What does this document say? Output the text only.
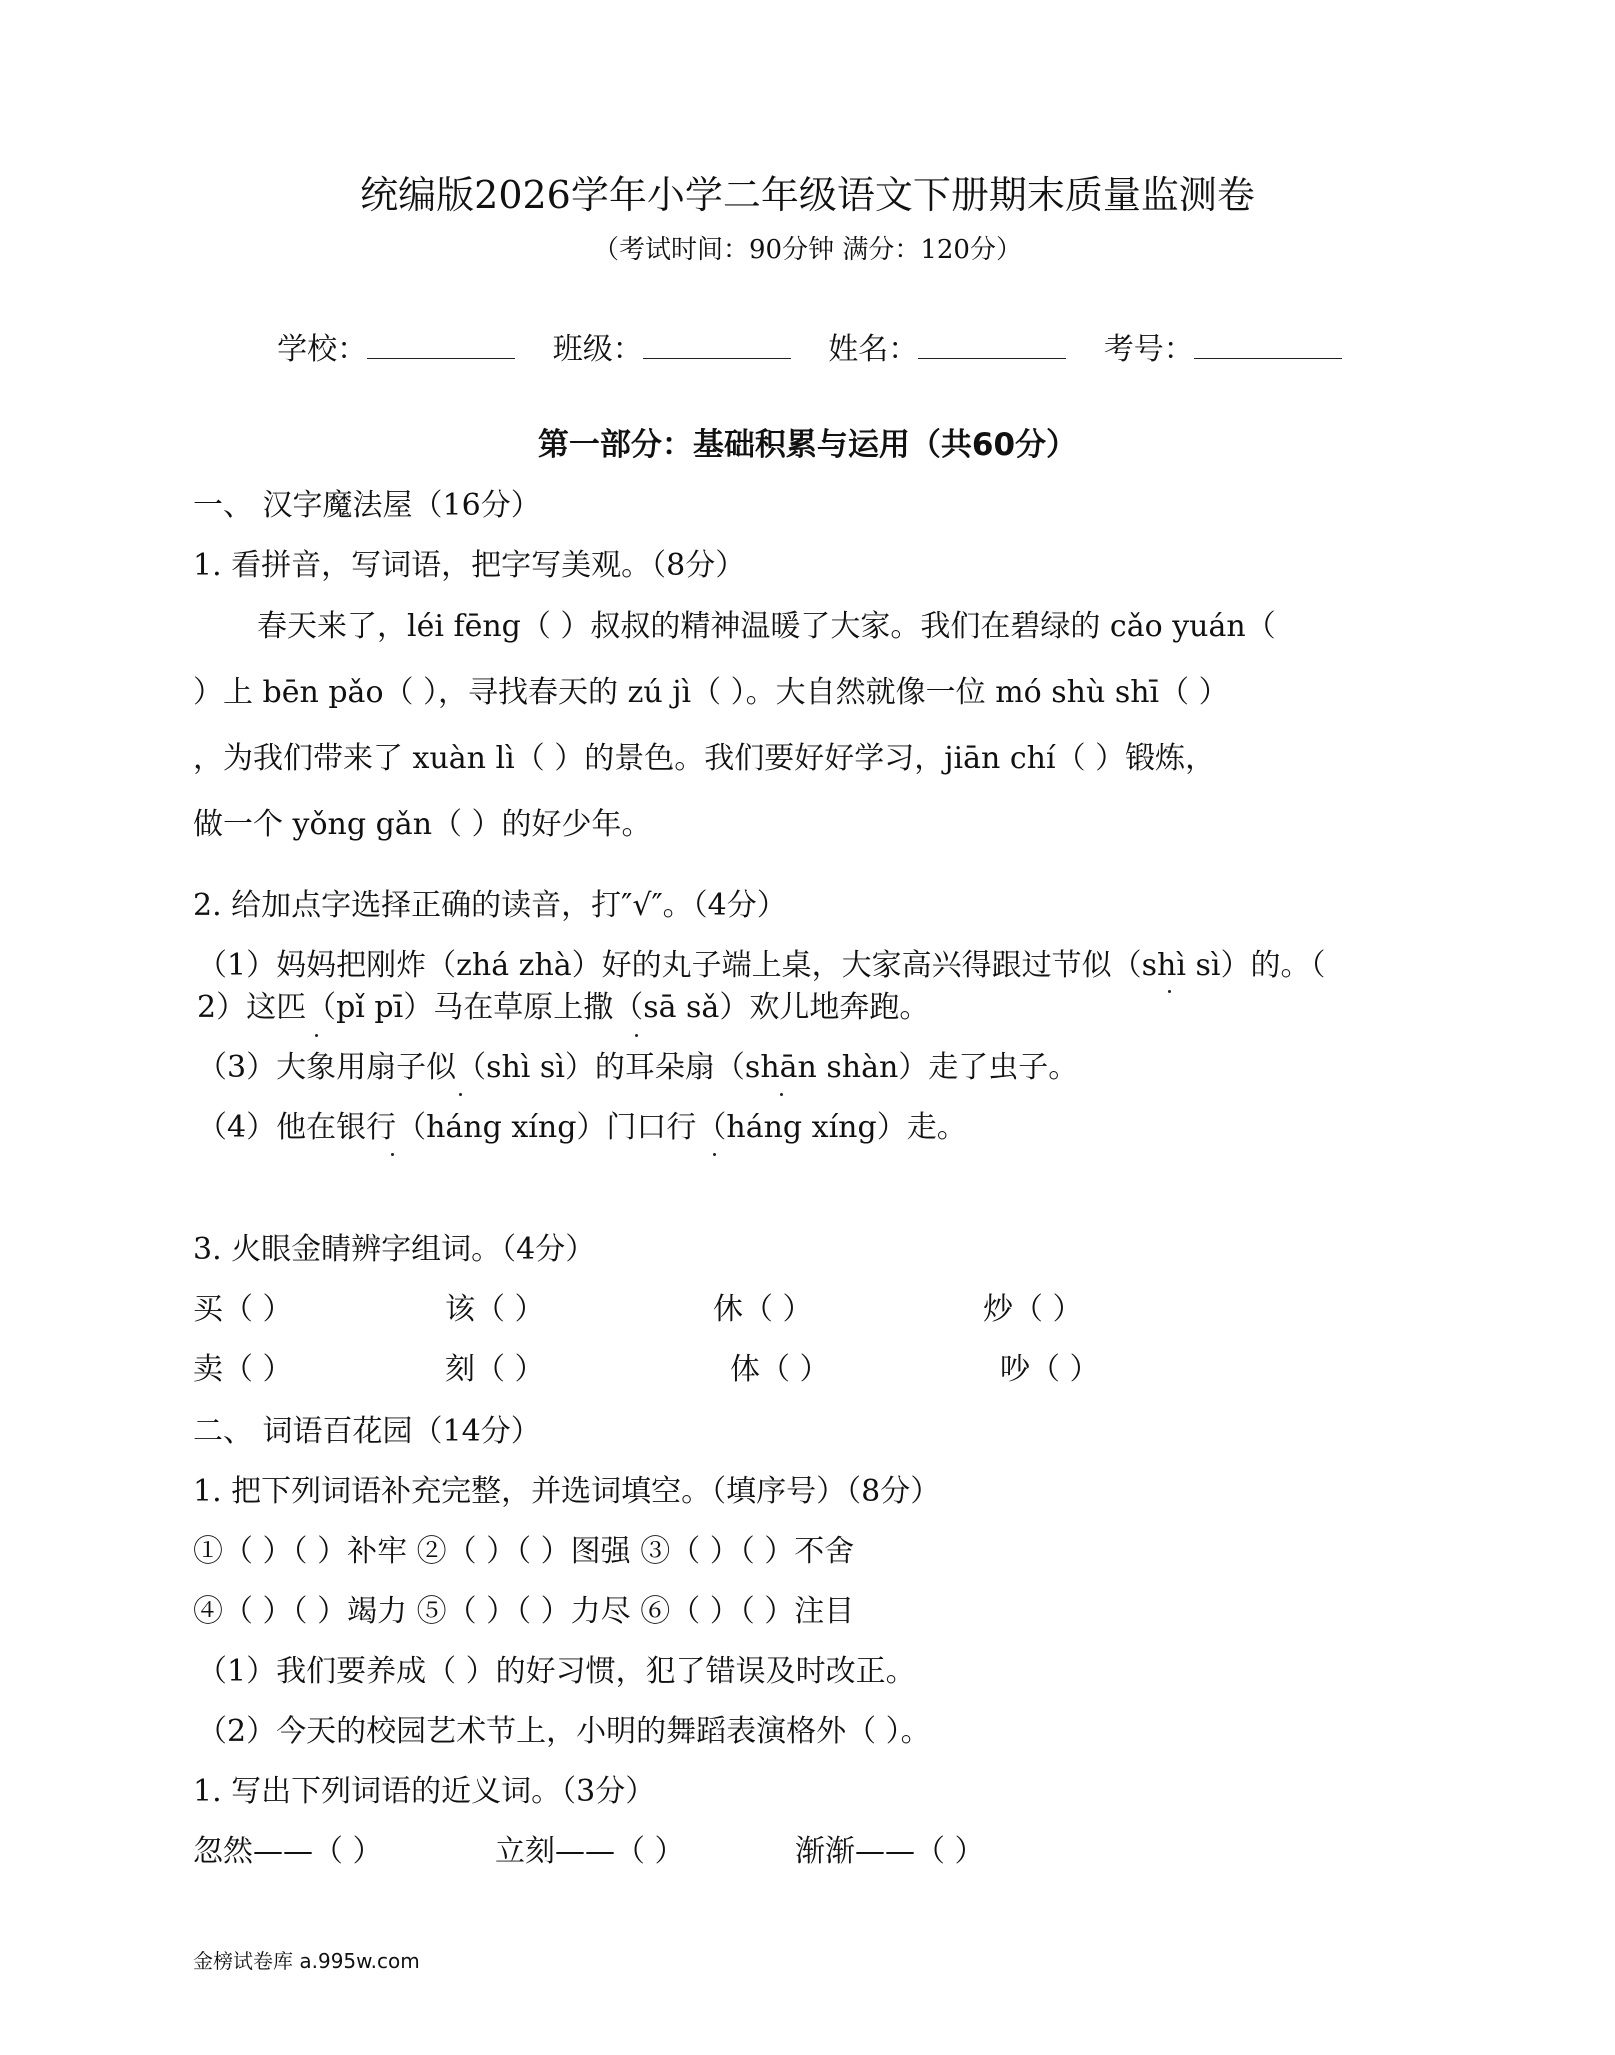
统编版2026学年小学二年级语文下册期末质量监测卷
（考试时间：90分钟 满分：120分）
学校：	班级：	姓名：	考号：
第一部分：基础积累与运用（共60分）
一、 汉字魔法屋（16分）
1. 看拼音，写词语，把字写美观。（8分）

春天来了，léi fēng（ ）叔叔的精神温暖了大家。我们在碧绿的 cǎo yuán（

）上 bēn pǎo（ ），寻找春天的 zú jì（ ）。大自然就像一位 mó shù shī（ ）

，为我们带来了 xuàn lì（ ）的景色。我们要好好学习，jiān chí（ ）锻炼，

做一个 yǒng gǎn（ ）的好少年。

2. 给加点字选择正确的读音，打″√″。（4分）
（1）妈妈把刚炸（zhá zhà）好的丸子端上桌，大家高兴得跟过节似（shì sì）的。（
2）这匹（pǐ pī）马在草原上撒（sā sǎ）欢儿地奔跑。
（3）大象用扇子似（shì sì）的耳朵扇（shān shàn）走了虫子。
（4）他在银行（háng xíng）门口行（háng xíng）走。
3. 火眼金睛辨字组词。（4分）
买（ ）	该（ ）	休（ ）	炒（ ）
卖（ ）	刻（ ）	体（ ）	吵（ ）
二、 词语百花园（14分）
1. 把下列词语补充完整，并选词填空。（填序号）（8分）
①（ ）（ ）补牢 ②（ ）（ ）图强 ③（ ）（ ）不舍
④（ ）（ ）竭力 ⑤（ ）（ ）力尽 ⑥（ ）（ ）注目
（1）我们要养成（ ）的好习惯，犯了错误及时改正。
（2）今天的校园艺术节上，小明的舞蹈表演格外（ ）。
1. 写出下列词语的近义词。（3分）
忽然——（ ）	立刻——（ ）	渐渐——（ ）
金榜试卷库 a.995w.com
